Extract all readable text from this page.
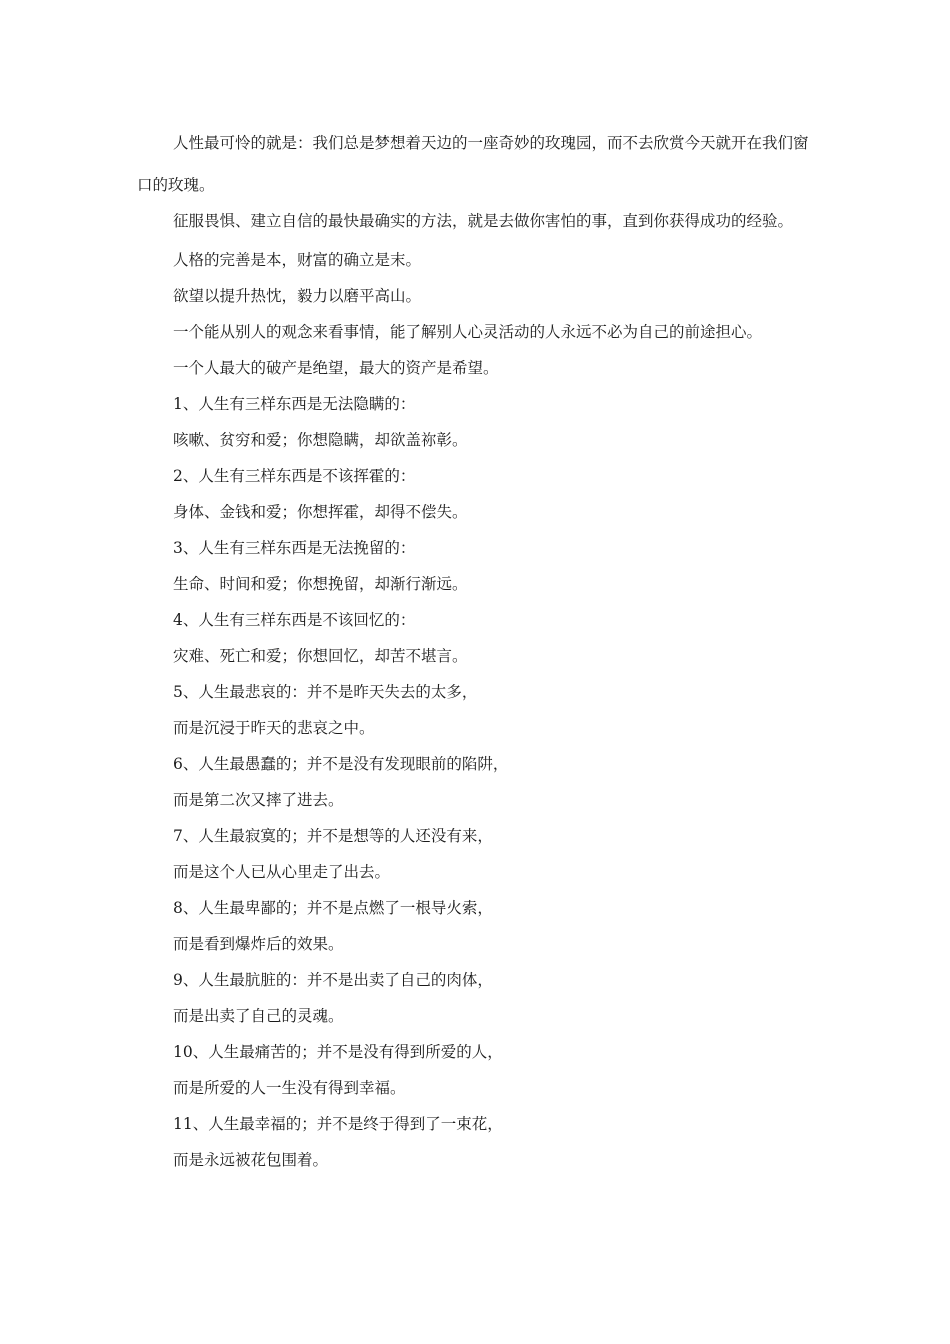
人性最可怜的就是：我们总是梦想着天边的一座奇妙的玫瑰园，而不去欣赏今天就开在我们窗口的玫瑰。

征服畏惧、建立自信的最快最确实的方法，就是去做你害怕的事，直到你获得成功的经验。

人格的完善是本，财富的确立是末。

欲望以提升热忱，毅力以磨平高山。

一个能从别人的观念来看事情，能了解别人心灵活动的人永远不必为自己的前途担心。

一个人最大的破产是绝望，最大的资产是希望。

1、人生有三样东西是无法隐瞒的：

咳嗽、贫穷和爱；你想隐瞒，却欲盖祢彰。

2、人生有三样东西是不该挥霍的：

身体、金钱和爱；你想挥霍，却得不偿失。

3、人生有三样东西是无法挽留的：

生命、时间和爱；你想挽留，却渐行渐远。

4、人生有三样东西是不该回忆的：

灾难、死亡和爱；你想回忆，却苦不堪言。

5、人生最悲哀的：并不是昨天失去的太多，

而是沉浸于昨天的悲哀之中。

6、人生最愚蠢的；并不是没有发现眼前的陷阱，

而是第二次又摔了进去。

7、人生最寂寞的；并不是想等的人还没有来，

而是这个人已从心里走了出去。

8、人生最卑鄙的；并不是点燃了一根导火索，

而是看到爆炸后的效果。

9、人生最肮脏的：并不是出卖了自己的肉体，

而是出卖了自己的灵魂。

10、人生最痛苦的；并不是没有得到所爱的人，

而是所爱的人一生没有得到幸福。

11、人生最幸福的；并不是终于得到了一束花，

而是永远被花包围着。
